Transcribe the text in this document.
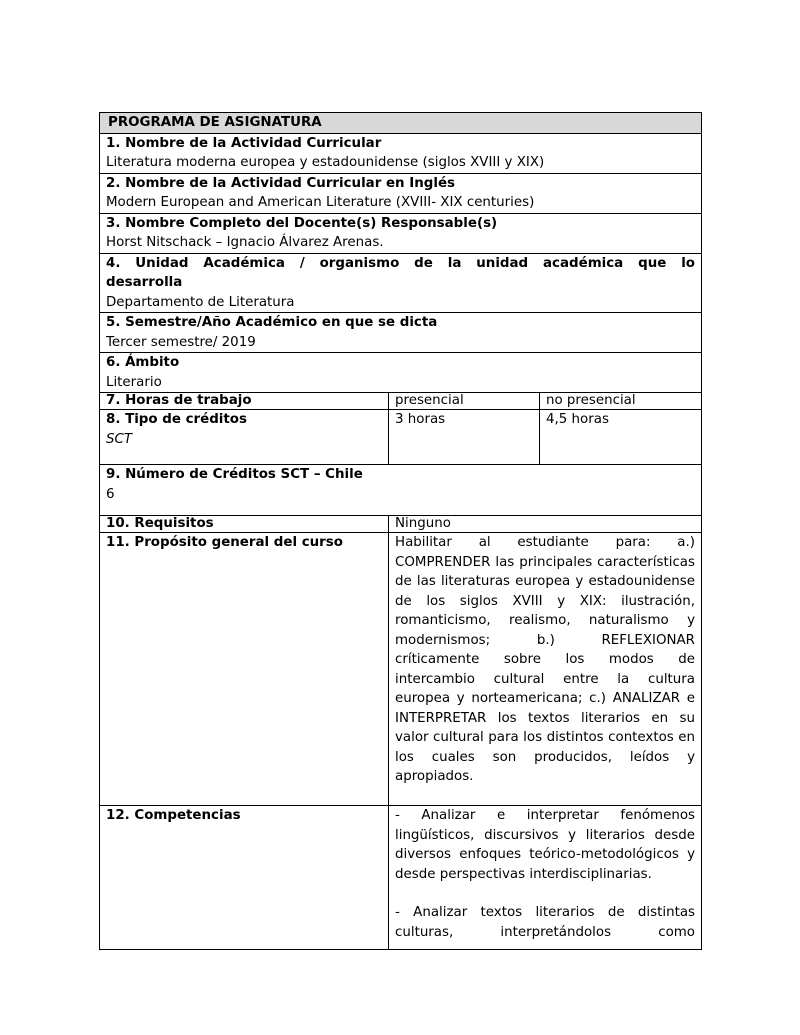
PROGRAMA DE ASIGNATURA		

1. Nombre de la Actividad Curricular
Literatura moderna europea y estadounidense (siglos XVIII y XIX)		

2. Nombre de la Actividad Curricular en Inglés
Modern European and American Literature (XVIII- XIX centuries)		

3. Nombre Completo del Docente(s) Responsable(s)
Horst Nitschack – Ignacio Álvarez Arenas.		

4. Unidad Académica / organismo de la unidad académica que lo
desarrolla
Departamento de Literatura		

5. Semestre/Año Académico en que se dicta
Tercer semestre/ 2019		

6. Ámbito
Literario		

7. Horas de trabajo	presencial	no presencial

8. Tipo de créditos
SCT	3 horas	4,5 horas

9. Número de Créditos SCT – Chile
6		

10. Requisitos	Ninguno	
11. Propósito general del curso	Habilitar al estudiante para: a.) COMPRENDER las principales características de las literaturas europea y estadounidense de los siglos XVIII y XIX: ilustración, romanticismo, realismo, naturalismo y modernismos; b.) REFLEXIONAR críticamente sobre los modos de intercambio cultural entre la cultura europea y norteamericana; c.) ANALIZAR e INTERPRETAR los textos literarios en su valor cultural para los distintos contextos en los cuales son producidos, leídos y apropiados.	
12. Competencias	- Analizar e interpretar fenómenos lingüísticos, discursivos y literarios desde diversos enfoques teórico-metodológicos y desde perspectivas interdisciplinarias.
- Analizar textos literarios de distintas culturas, interpretándolos como	
